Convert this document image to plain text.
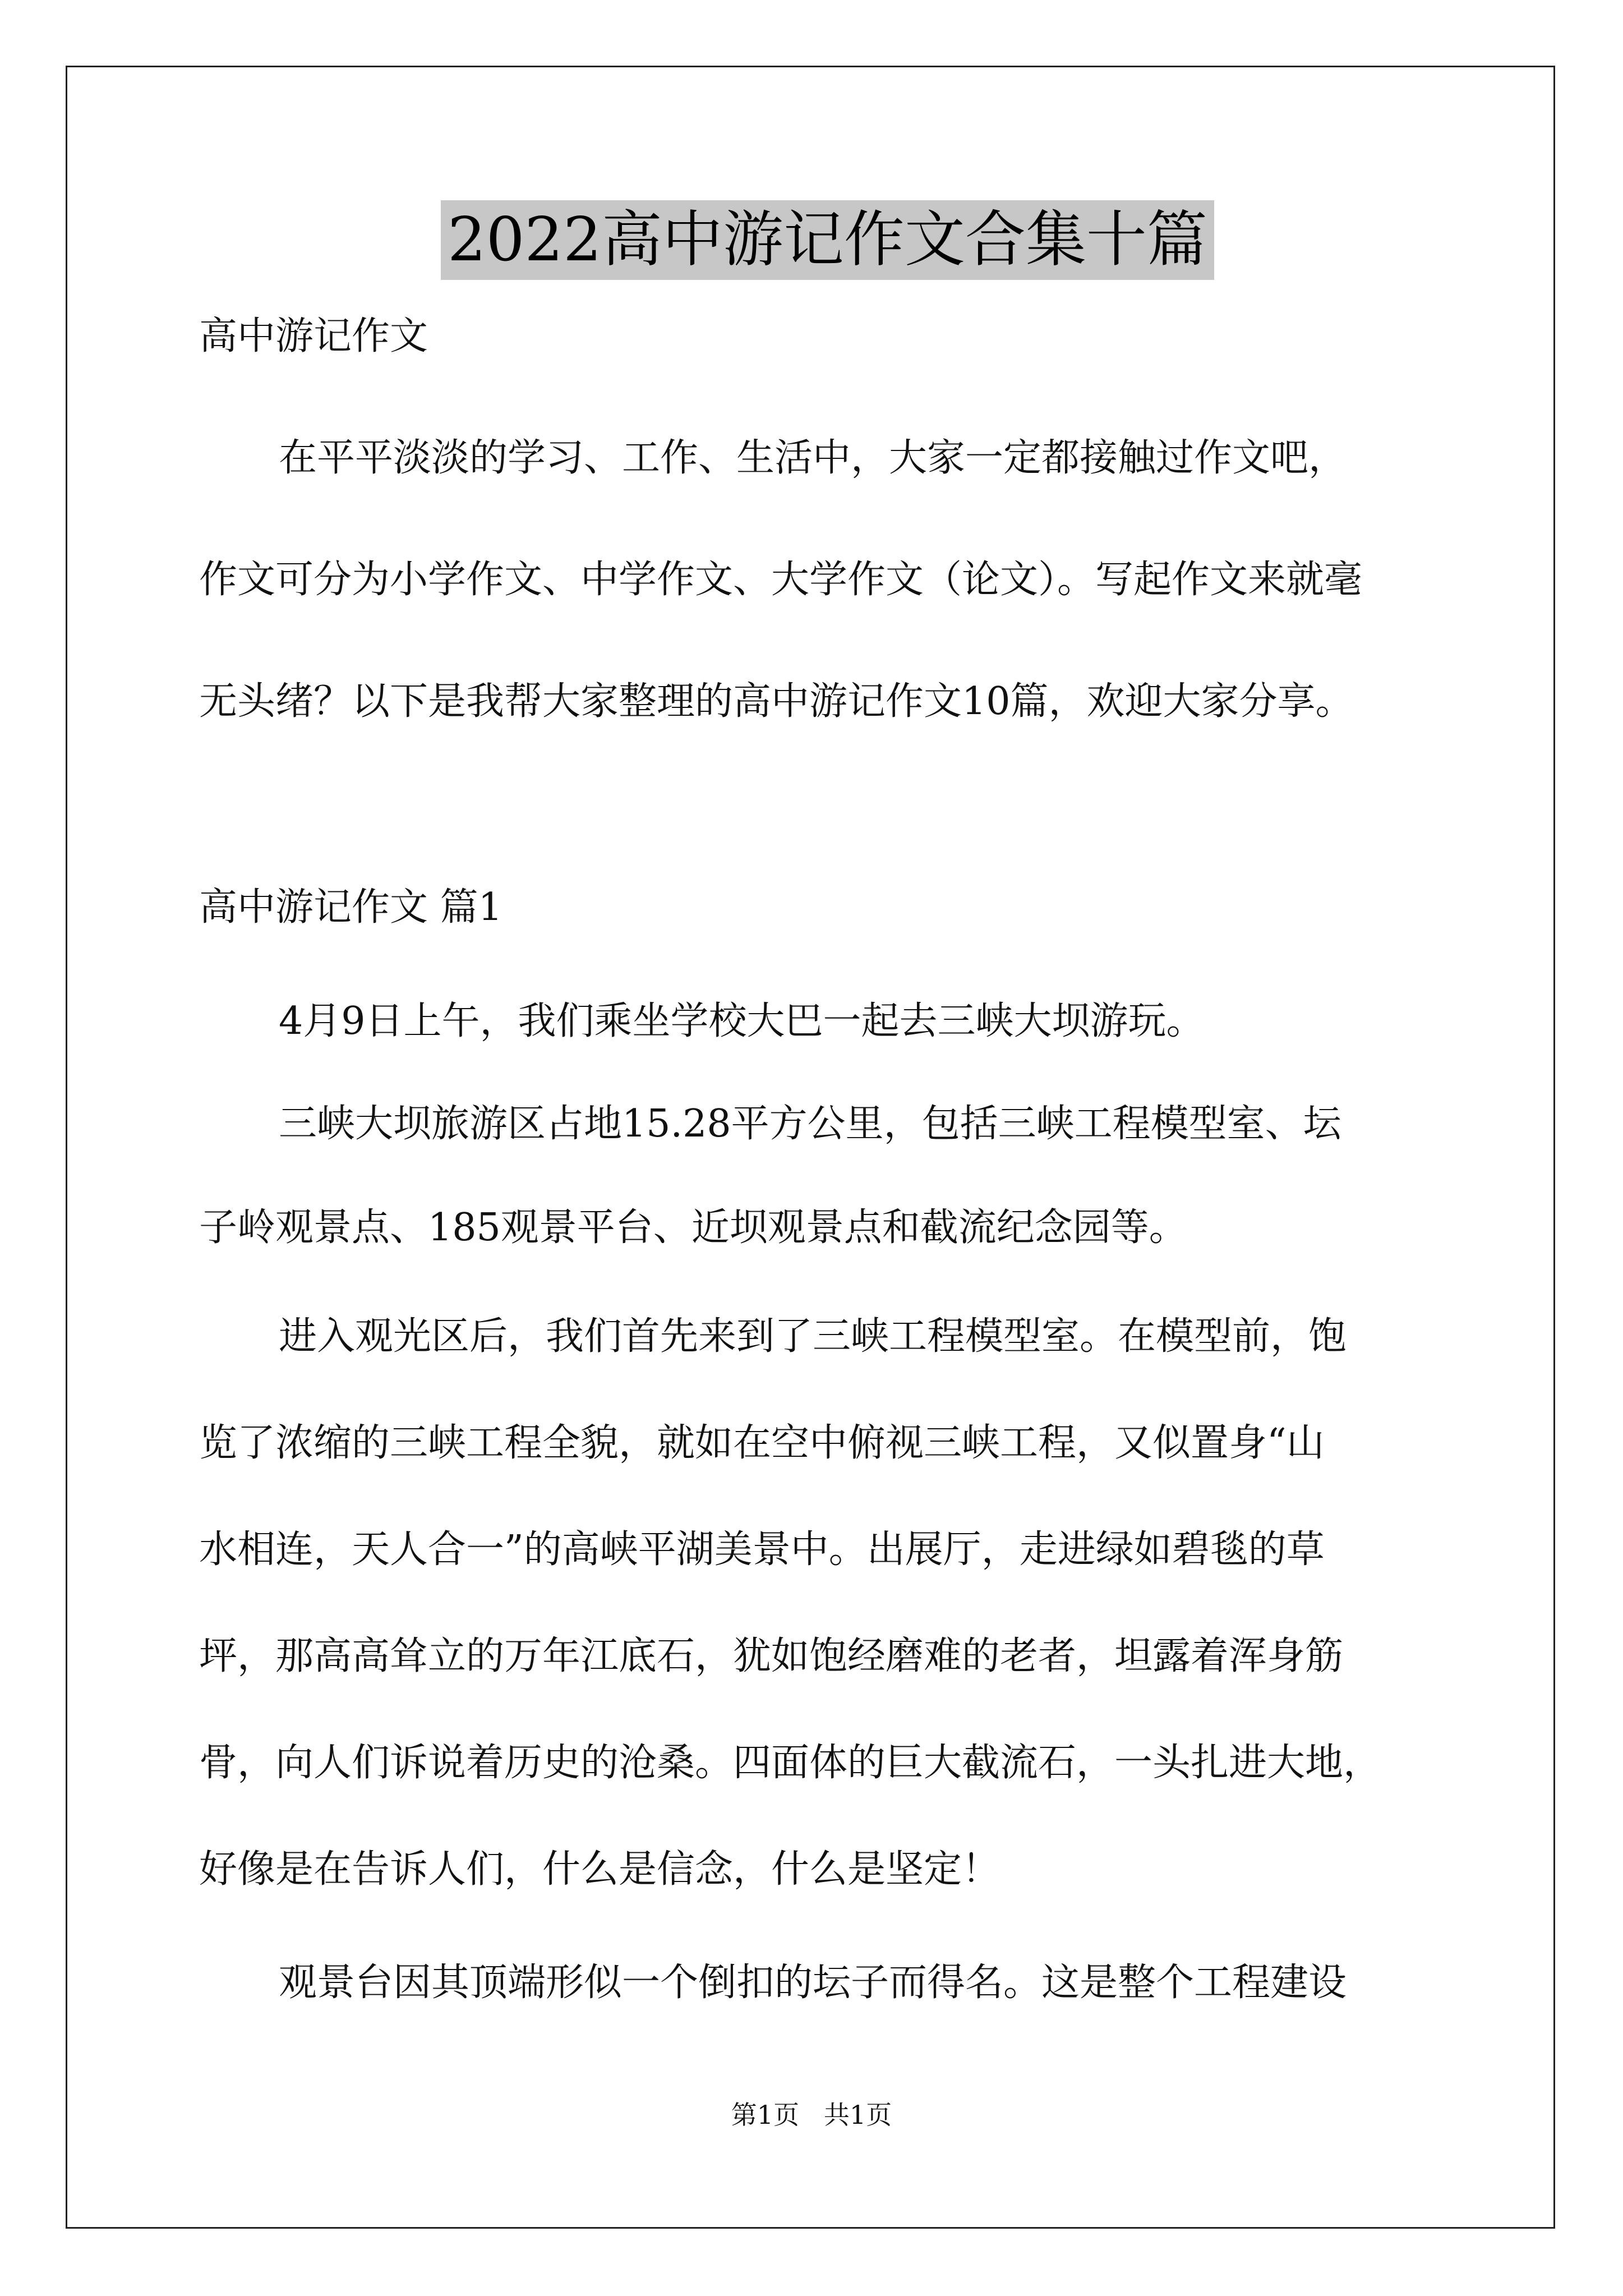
2022高中游记作文合集十篇
高中游记作文
在平平淡淡的学习、工作、生活中，大家一定都接触过作文吧，
作文可分为小学作文、中学作文、大学作文（论文）。写起作文来就毫
无头绪？以下是我帮大家整理的高中游记作文10篇，欢迎大家分享。
高中游记作文 篇1
4月9日上午，我们乘坐学校大巴一起去三峡大坝游玩。
三峡大坝旅游区占地15.28平方公里，包括三峡工程模型室、坛
子岭观景点、185观景平台、近坝观景点和截流纪念园等。
进入观光区后，我们首先来到了三峡工程模型室。在模型前，饱
览了浓缩的三峡工程全貌，就如在空中俯视三峡工程，又似置身“山
水相连，天人合一”的高峡平湖美景中。出展厅，走进绿如碧毯的草
坪，那高高耸立的万年江底石，犹如饱经磨难的老者，坦露着浑身筋
骨，向人们诉说着历史的沧桑。四面体的巨大截流石，一头扎进大地，
好像是在告诉人们，什么是信念，什么是坚定！
观景台因其顶端形似一个倒扣的坛子而得名。这是整个工程建设
第1页   共1页
